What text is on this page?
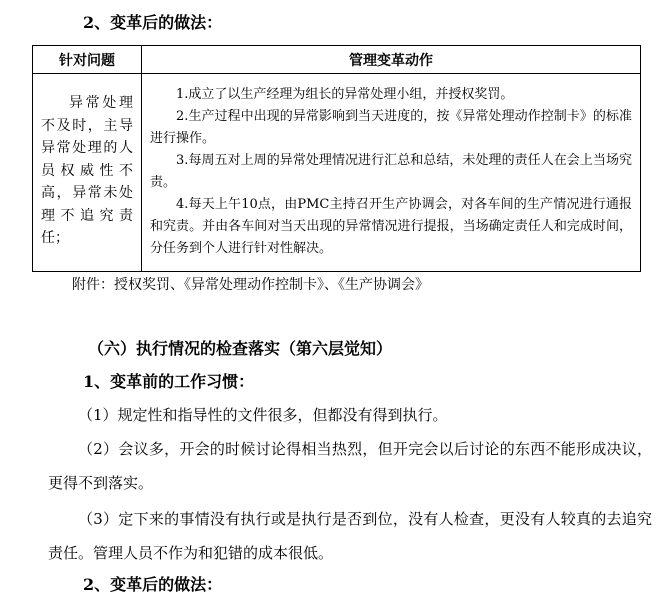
2、变革后的做法：
针对问题	管理变革动作
异常处理不及时，主导异常处理的人员权威性不高，异常未处理不追究责任；	1.成立了以生产经理为组长的异常处理小组，并授权奖罚。

2.生产过程中出现的异常影响到当天进度的，按《异常处理动作控制卡》的标准进行操作。

3.每周五对上周的异常处理情况进行汇总和总结，未处理的责任人在会上当场究责。

4.每天上午10点，由PMC主持召开生产协调会，对各车间的生产情况进行通报和究责。并由各车间对当天出现的异常情况进行提报，当场确定责任人和完成时间，分任务到个人进行针对性解决。

附件：授权奖罚、《异常处理动作控制卡》、《生产协调会》
（六）执行情况的检查落实（第六层觉知）
1、变革前的工作习惯：

（1）规定性和指导性的文件很多，但都没有得到执行。

（2）会议多，开会的时候讨论得相当热烈，但开完会以后讨论的东西不能形成决议，更得不到落实。

（3）定下来的事情没有执行或是执行是否到位，没有人检查，更没有人较真的去追究责任。管理人员不作为和犯错的成本很低。

2、变革后的做法：
